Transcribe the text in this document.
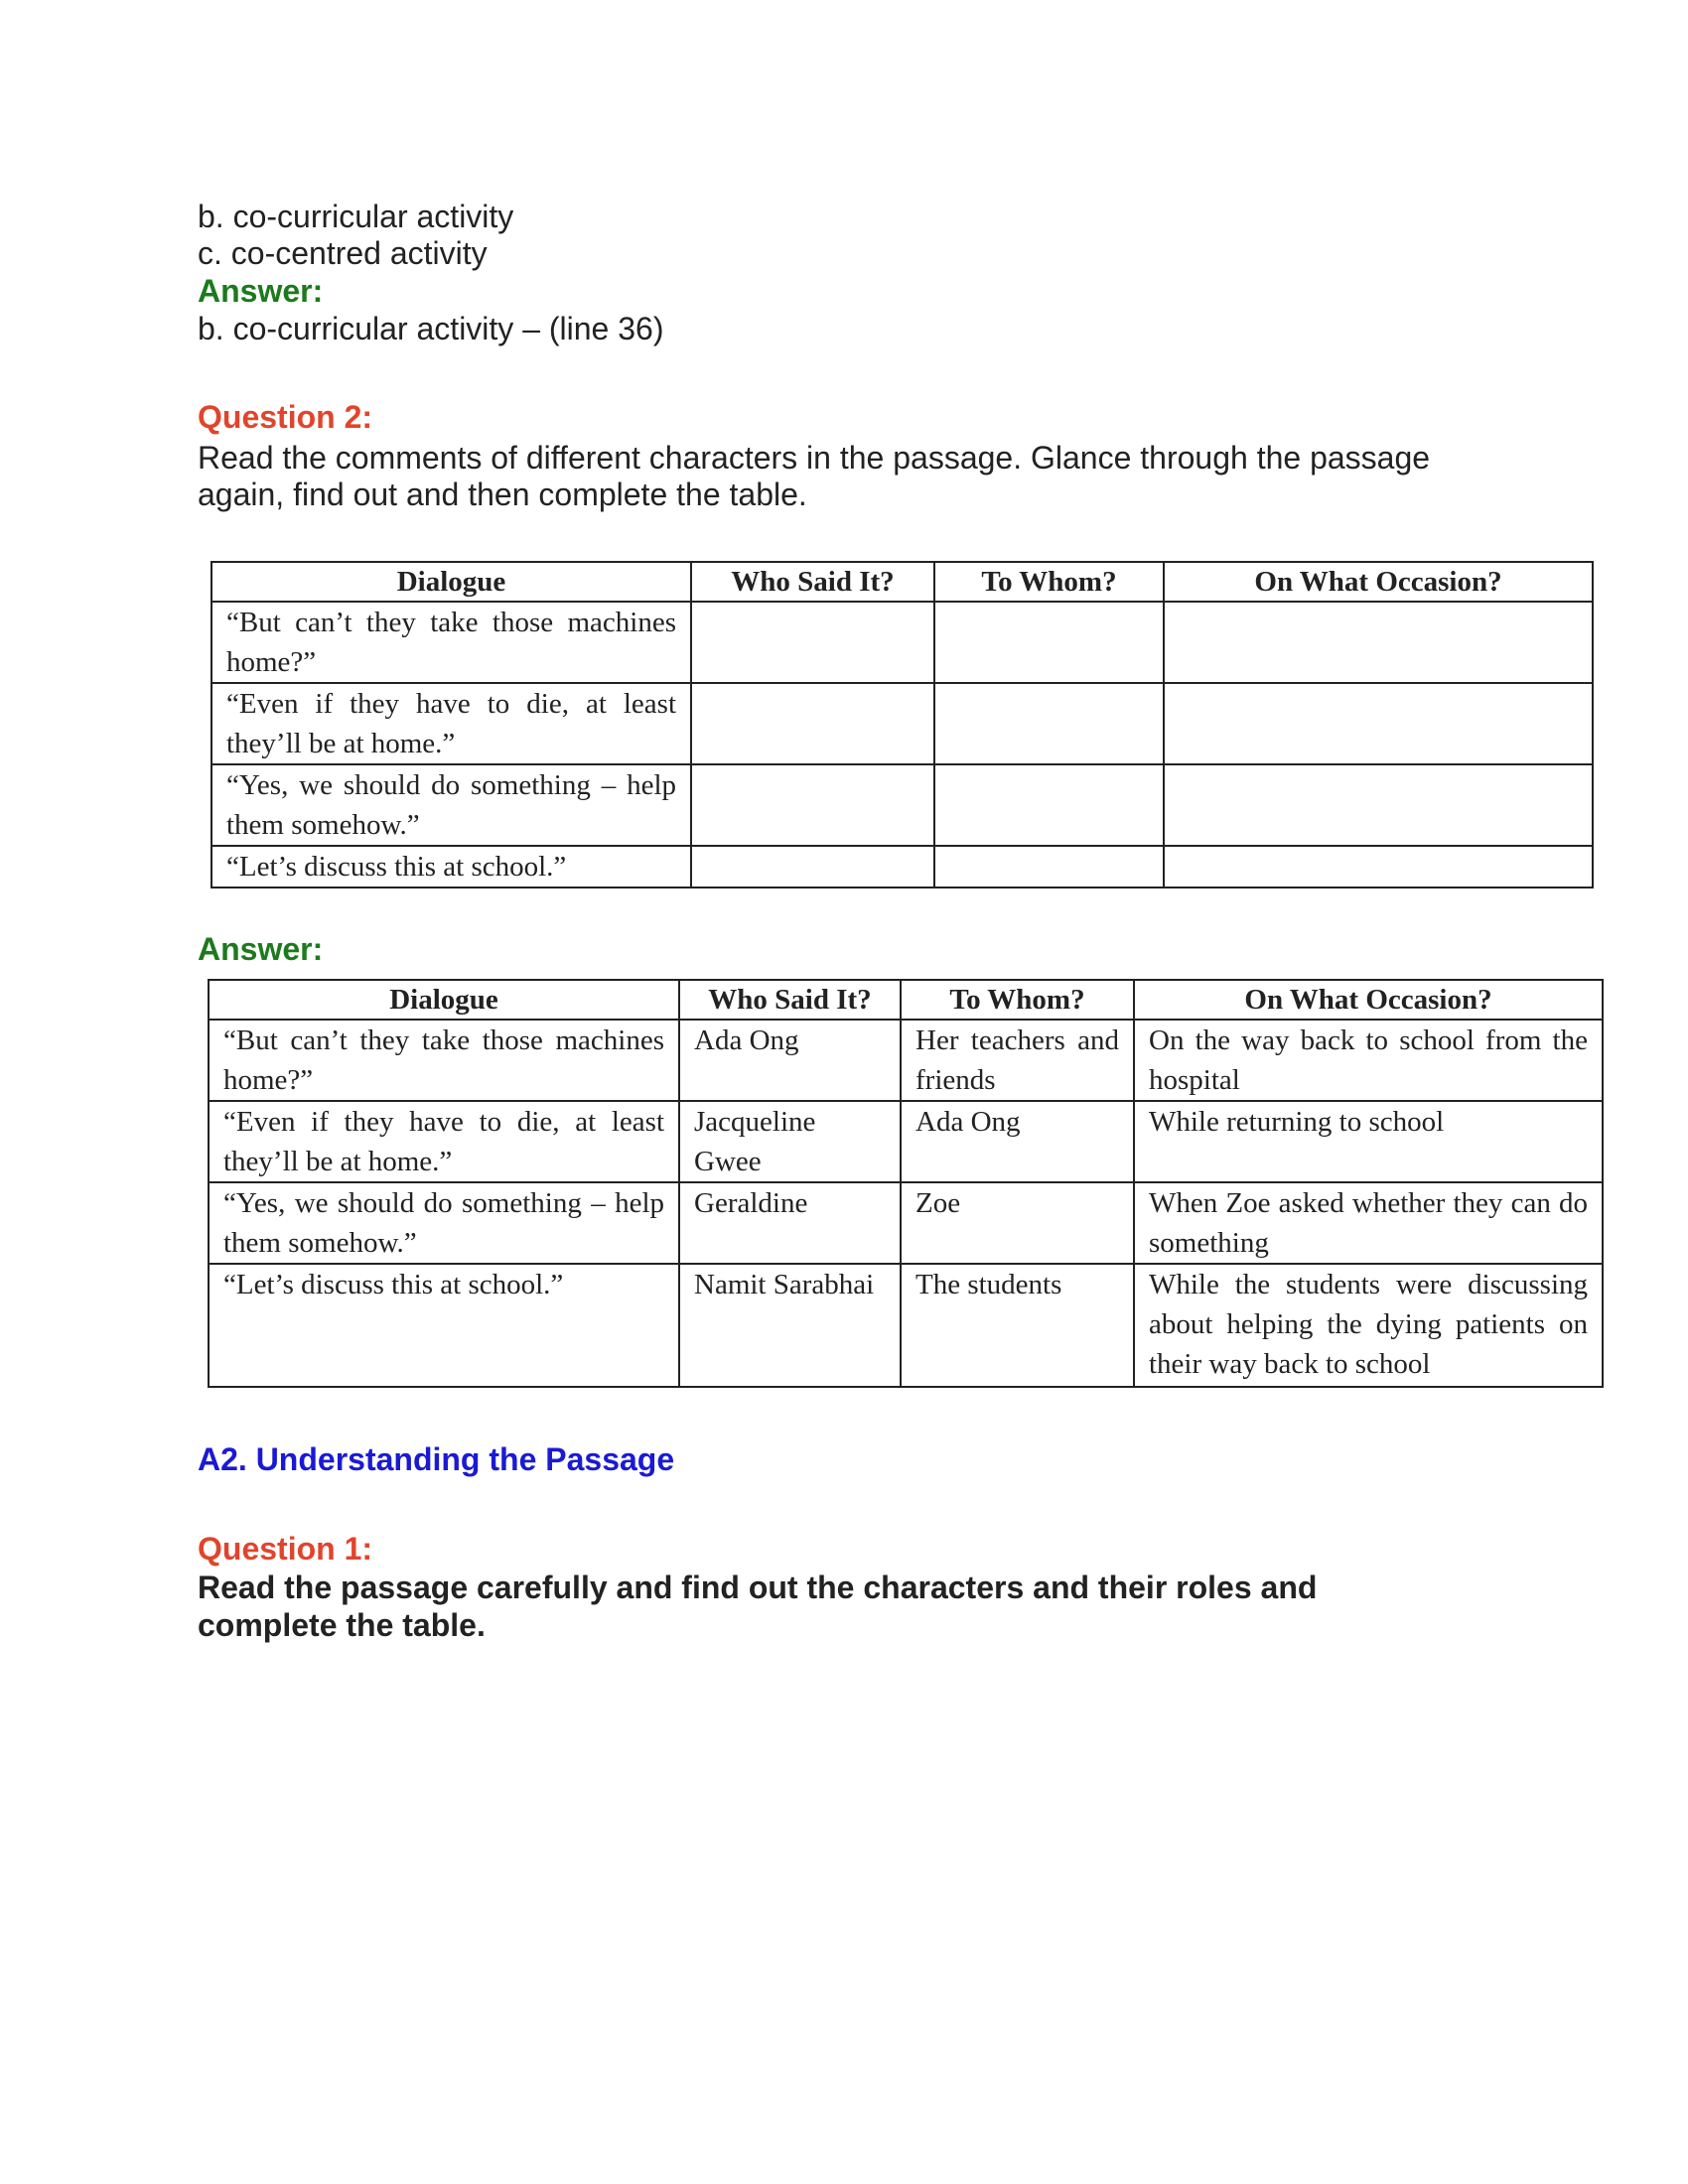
b. co-curricular activity
c. co-centred activity
Answer:
b. co-curricular activity – (line 36)
Question 2:
Read the comments of different characters in the passage. Glance through the passage
again, find out and then complete the table.
Dialogue	Who Said It?	To Whom?	On What Occasion?
“But can’t they take those machines home?”			
“Even if they have to die, at least they’ll be at home.”			
“Yes, we should do something – help them somehow.”			
“Let’s discuss this at school.”			
Answer:
Dialogue	Who Said It?	To Whom?	On What Occasion?
“But can’t they take those machines home?”	Ada Ong	Her teachers and friends	On the way back to school from the hospital
“Even if they have to die, at least they’ll be at home.”	Jacqueline Gwee	Ada Ong	While returning to school
“Yes, we should do something – help them somehow.”	Geraldine	Zoe	When Zoe asked whether they can do something
“Let’s discuss this at school.”	Namit Sarabhai	The students	While the students were discussing about helping the dying patients on their way back to school
A2. Understanding the Passage
Question 1:
Read the passage carefully and find out the characters and their roles and
complete the table.
